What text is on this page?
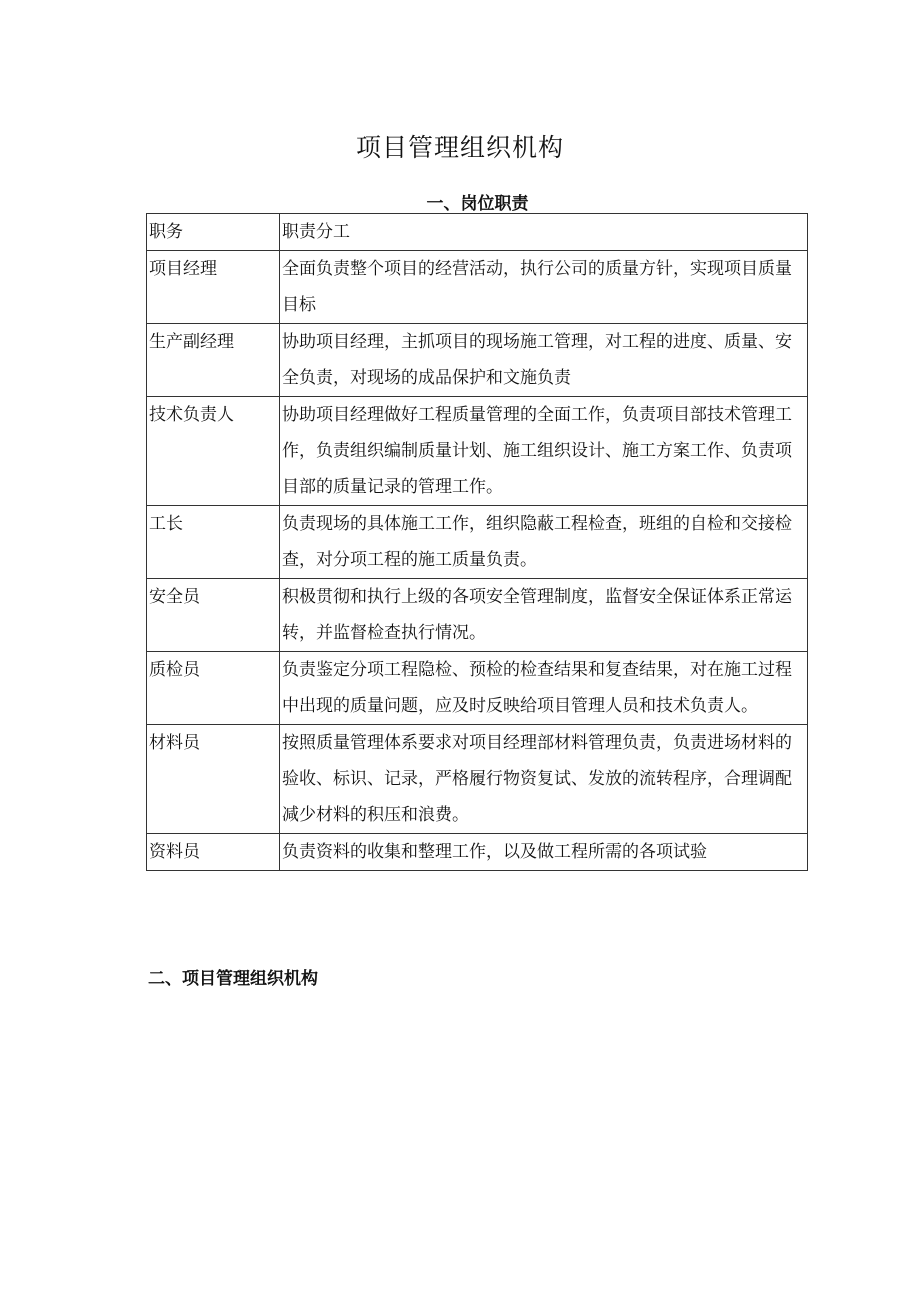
项目管理组织机构
一、岗位职责
职务	职责分工
项目经理	全面负责整个项目的经营活动，执行公司的质量方针，实现项目质量目标
生产副经理	协助项目经理，主抓项目的现场施工管理，对工程的进度、质量、安全负责，对现场的成品保护和文施负责
技术负责人	协助项目经理做好工程质量管理的全面工作，负责项目部技术管理工作，负责组织编制质量计划、施工组织设计、施工方案工作、负责项目部的质量记录的管理工作。
工长	负责现场的具体施工工作，组织隐蔽工程检查，班组的自检和交接检查，对分项工程的施工质量负责。
安全员	积极贯彻和执行上级的各项安全管理制度，监督安全保证体系正常运转，并监督检查执行情况。
质检员	负责鉴定分项工程隐检、预检的检查结果和复查结果，对在施工过程中出现的质量问题，应及时反映给项目管理人员和技术负责人。
材料员	按照质量管理体系要求对项目经理部材料管理负责，负责进场材料的验收、标识、记录，严格履行物资复试、发放的流转程序，合理调配减少材料的积压和浪费。
资料员	负责资料的收集和整理工作，以及做工程所需的各项试验
二、项目管理组织机构
